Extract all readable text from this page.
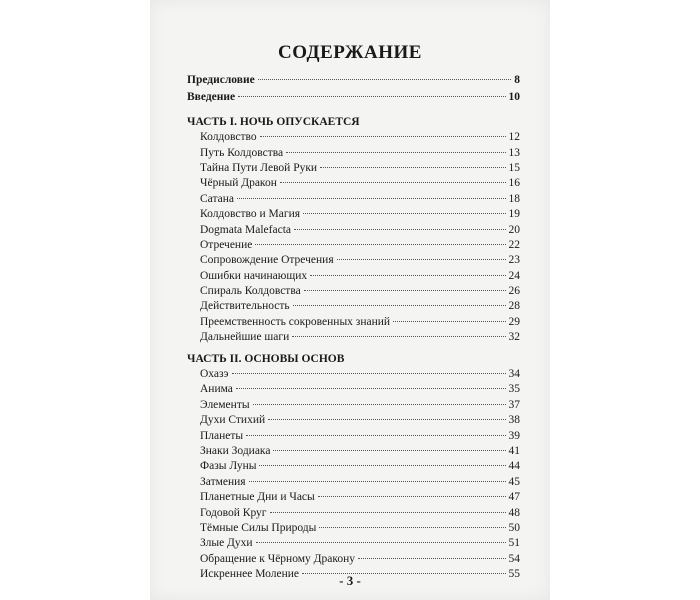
СОДЕРЖАНИЕ
Предисловие	8
Введение	10
ЧАСТЬ I. НОЧЬ ОПУСКАЕТСЯ
Колдовство	12
Путь Колдовства	13
Тайна Пути Левой Руки	15
Чёрный Дракон	16
Сатана	18
Колдовство и Магия	19
Dogmata Malefacta	20
Отречение	22
Сопровождение Отречения	23
Ошибки начинающих	24
Спираль Колдовства	26
Действительность	28
Преемственность сокровенных знаний	29
Дальнейшие шаги	32
ЧАСТЬ II. ОСНОВЫ ОСНОВ
Охазэ	34
Анима	35
Элементы	37
Духи Стихий	38
Планеты	39
Знаки Зодиака	41
Фазы Луны	44
Затмения	45
Планетные Дни и Часы	47
Годовой Круг	48
Тёмные Силы Природы	50
Злые Духи	51
Обращение к Чёрному Дракону	54
Искреннее Моление	55
- 3 -
